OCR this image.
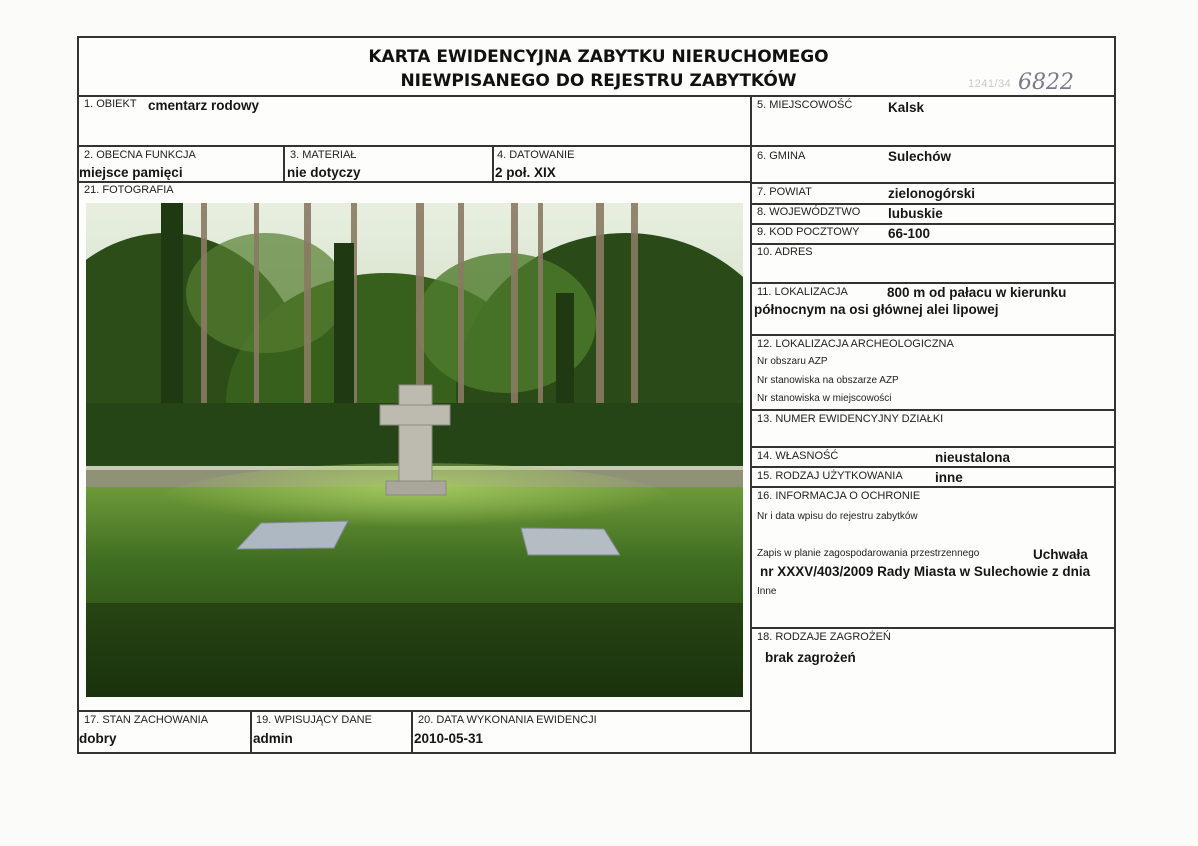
KARTA EWIDENCYJNA ZABYTKU NIERUCHOMEGO
NIEWPISANEGO DO REJESTRU ZABYTKÓW	1241/34 6822
1. OBIEKT cmentarz rodowy
2. OBECNA FUNKCJA
miejsce pamięci
3. MATERIAŁ
nie dotyczy
4. DATOWANIE
2 poł. XIX
21. FOTOGRAFIA
5. MIEJSCOWOŚĆ	Kalsk
6. GMINA	Sulechów
7. POWIAT	zielonogórski
8. WOJEWÓDZTWO lubuskie
9. KOD POCZTOWY 66-100
10. ADRES
11. LOKALIZACJA	800 m od pałacu w kierunku
północnym na osi głównej alei lipowej
12. LOKALIZACJA ARCHEOLOGICZNA
Nr obszaru AZP
Nr stanowiska na obszarze AZP
Nr stanowiska w miejscowości
13. NUMER EWIDENCYJNY DZIAŁKI
14. WŁASNOŚĆ	nieustalona
15. RODZAJ UŻYTKOWANIA inne
16. INFORMACJA O OCHRONIE
Nr i data wpisu do rejestru zabytków
Zapis w planie zagospodarowania przestrzennego	Uchwała
nr XXXV/403/2009 Rady Miasta w Sulechowie z dnia
Inne
18. RODZAJE ZAGROŻEŃ
brak zagrożeń
17. STAN ZACHOWANIA
dobry
19. WPISUJĄCY DANE
admin
20. DATA WYKONANIA EWIDENCJI
2010-05-31
